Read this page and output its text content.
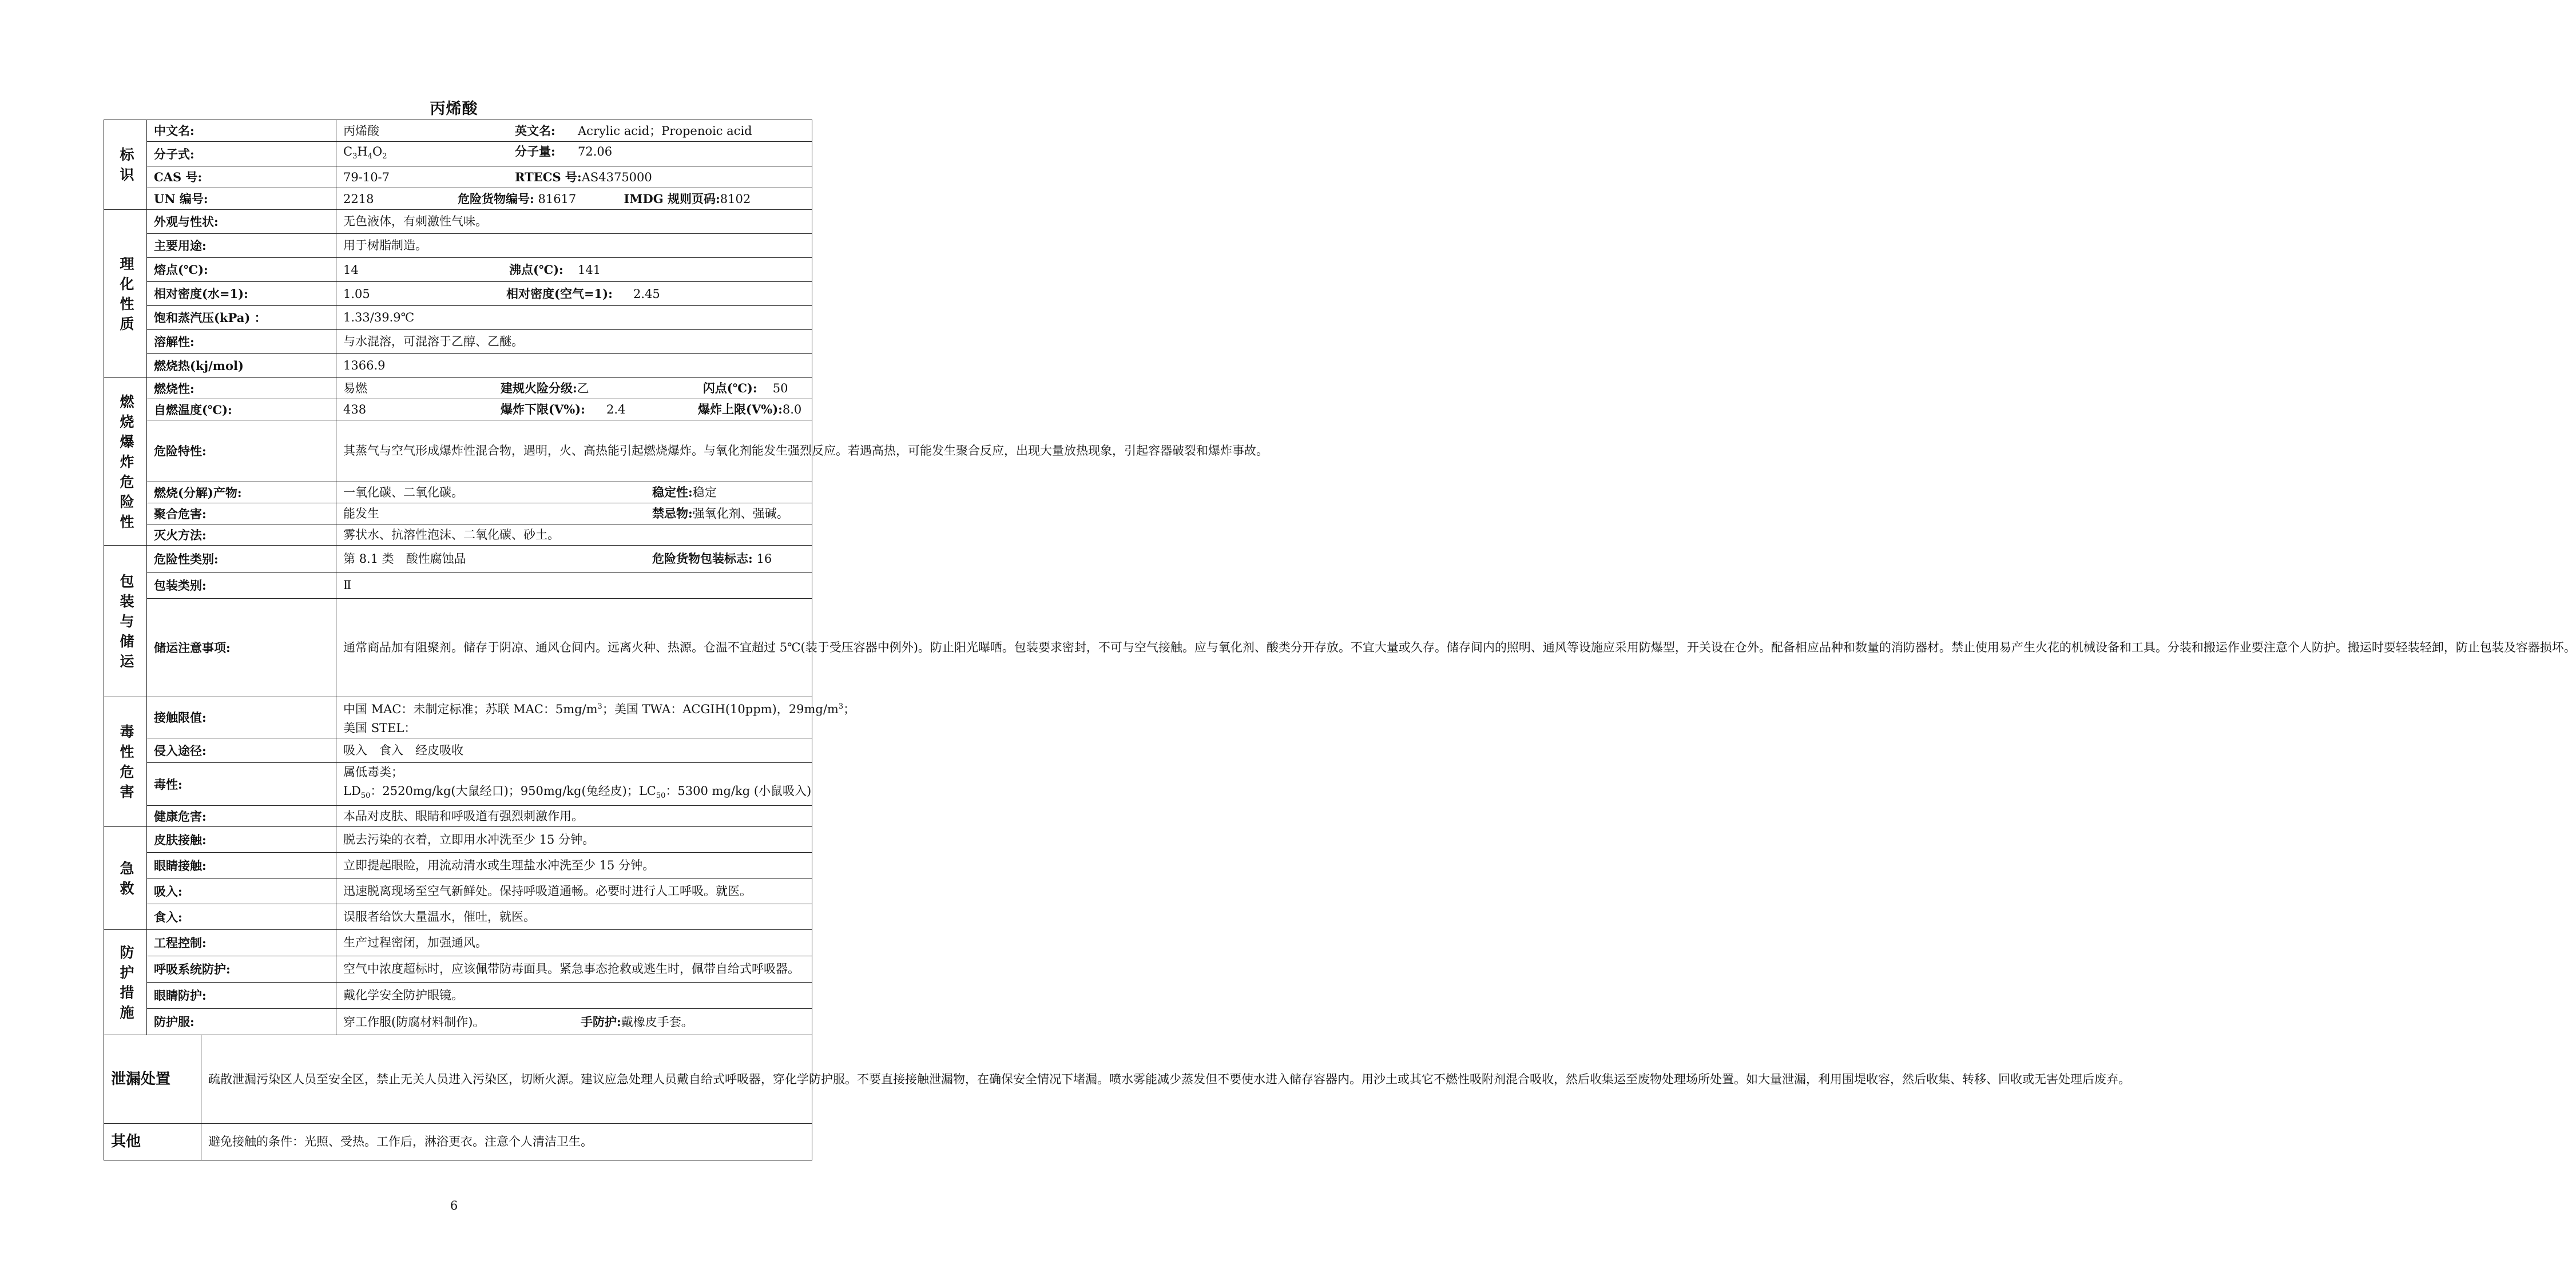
丙烯酸
标识	中文名:		丙烯酸 英文名: Acrylic acid；Propenoic acid
	分子式:		$C_3H_4O_2$ 分子量: 72.06
	CAS 号:		79-10-7 RTECS 号:AS4375000
	UN 编号:		2218 危险货物编号: 81617 IMDG 规则页码:8102
理化性质	外观与性状:		无色液体，有刺激性气味。
	主要用途:		用于树脂制造。
	熔点(℃):		14 沸点(℃): 141
	相对密度(水=1):		1.05 相对密度(空气=1): 2.45
	饱和蒸汽压(kPa) ：		1.33/39.9℃
	溶解性:		与水混溶，可混溶于乙醇、乙醚。
	燃烧热(kj/mol)		1366.9
燃烧爆炸危险性	燃烧性:		易燃 建规火险分级:乙 闪点(℃): 50
	自燃温度(℃):		438 爆炸下限(V%): 2.4 爆炸上限(V%):8.0
	危险特性:		其蒸气与空气形成爆炸性混合物，遇明，火、高热能引起燃烧爆炸。与氧化剂能发生强烈反应。若遇高热，可能发生聚合反应，出现大量放热现象，引起容器破裂和爆炸事故。
	燃烧(分解)产物:		一氧化碳、二氧化碳。 稳定性:稳定
	聚合危害:		能发生 禁忌物:强氧化剂、强碱。
	灭火方法:		雾状水、抗溶性泡沫、二氧化碳、砂土。
包装与储运	危险性类别:		第 8.1 类　酸性腐蚀品 危险货物包装标志: 16
	包装类别:		Ⅱ
	储运注意事项:		通常商品加有阻聚剂。储存于阴凉、通风仓间内。远离火种、热源。仓温不宜超过 5℃(装于受压容器中例外)。防止阳光曝晒。包装要求密封，不可与空气接触。应与氧化剂、酸类分开存放。不宜大量或久存。储存间内的照明、通风等设施应采用防爆型，开关设在仓外。配备相应品种和数量的消防器材。禁止使用易产生火花的机械设备和工具。分装和搬运作业要注意个人防护。搬运时要轻装轻卸，防止包装及容器损坏。
毒性危害	接触限值:		中国 MAC：未制定标准；苏联 MAC：$5mg/m^3$；美国 TWA：ACGIH(10ppm)，$29mg/m^3$；
美国 STEL：

	侵入途径:		吸入　食入　经皮吸收
	毒性:		属低毒类；
$LD_{50}$：2520mg/kg(大鼠经口)；950mg/kg(兔经皮)；$LC_{50}$：5300 mg/kg (小鼠吸入)

	健康危害:		本品对皮肤、眼睛和呼吸道有强烈刺激作用。
急救	皮肤接触:		脱去污染的衣着，立即用水冲洗至少 15 分钟。
	眼睛接触:		立即提起眼睑，用流动清水或生理盐水冲洗至少 15 分钟。
	吸入:		迅速脱离现场至空气新鲜处。保持呼吸道通畅。必要时进行人工呼吸。就医。
	食入:		误服者给饮大量温水，催吐，就医。
防护措施	工程控制:		生产过程密闭，加强通风。
	呼吸系统防护:		空气中浓度超标时，应该佩带防毒面具。紧急事态抢救或逃生时，佩带自给式呼吸器。
	眼睛防护:		戴化学安全防护眼镜。
	防护服:		穿工作服(防腐材料制作)。 手防护:戴橡皮手套。
泄漏处置		疏散泄漏污染区人员至安全区，禁止无关人员进入污染区，切断火源。建议应急处理人员戴自给式呼吸器，穿化学防护服。不要直接接触泄漏物，在确保安全情况下堵漏。喷水雾能减少蒸发但不要使水进入储存容器内。用沙土或其它不燃性吸附剂混合吸收，然后收集运至废物处理场所处置。如大量泄漏，利用围堤收容，然后收集、转移、回收或无害处理后废弃。	
其他		避免接触的条件：光照、受热。工作后，淋浴更衣。注意个人清洁卫生。	
6
